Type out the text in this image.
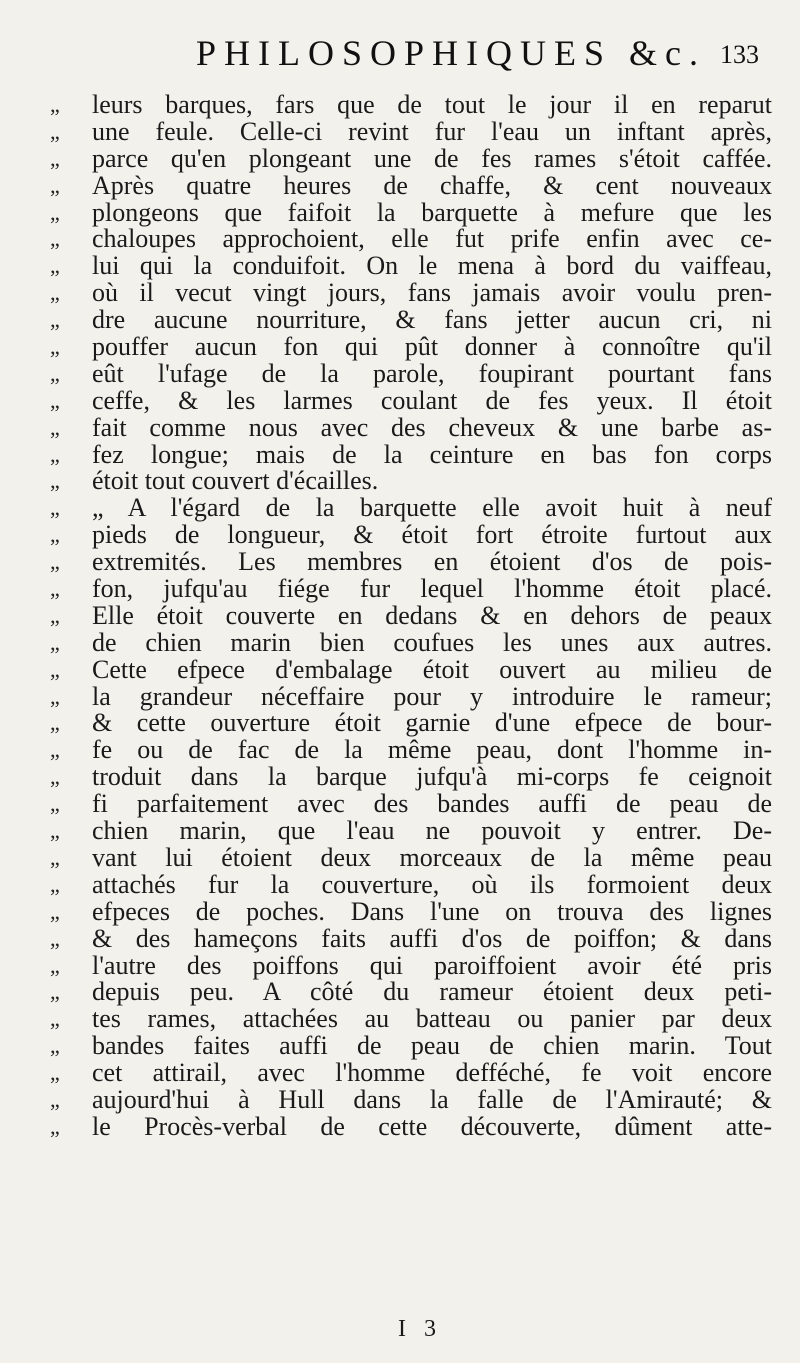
PHILOSOPHIQUES &c. 133
„	leurs barques, fars que de tout le jour il en reparut
„	une feule. Celle-ci revint fur l'eau un inftant après,
„	parce qu'en plongeant une de fes rames s'étoit caffée.
„	Après quatre heures de chaffe, & cent nouveaux
„	plongeons que faifoit la barquette à mefure que les
„	chaloupes approchoient, elle fut prife enfin avec ce-
„	lui qui la conduifoit. On le mena à bord du vaiffeau,
„	où il vecut vingt jours, fans jamais avoir voulu pren-
„	dre aucune nourriture, & fans jetter aucun cri, ni
„	pouffer aucun fon qui pût donner à connoître qu'il
„	eût l'ufage de la parole, foupirant pourtant fans
„	ceffe, & les larmes coulant de fes yeux. Il étoit
„	fait comme nous avec des cheveux & une barbe as-
„	fez longue; mais de la ceinture en bas fon corps
„	étoit tout couvert d'écailles.
„	„ A l'égard de la barquette elle avoit huit à neuf
„	pieds de longueur, & étoit fort étroite furtout aux
„	extremités. Les membres en étoient d'os de pois-
„	fon, jufqu'au fiége fur lequel l'homme étoit placé.
„	Elle étoit couverte en dedans & en dehors de peaux
„	de chien marin bien coufues les unes aux autres.
„	Cette efpece d'embalage étoit ouvert au milieu de
„	la grandeur néceffaire pour y introduire le rameur;
„	& cette ouverture étoit garnie d'une efpece de bour-
„	fe ou de fac de la même peau, dont l'homme in-
„	troduit dans la barque jufqu'à mi-corps fe ceignoit
„	fi parfaitement avec des bandes auffi de peau de
„	chien marin, que l'eau ne pouvoit y entrer. De-
„	vant lui étoient deux morceaux de la même peau
„	attachés fur la couverture, où ils formoient deux
„	efpeces de poches. Dans l'une on trouva des lignes
„	& des hameçons faits auffi d'os de poiffon; & dans
„	l'autre des poiffons qui paroiffoient avoir été pris
„	depuis peu. A côté du rameur étoient deux peti-
„	tes rames, attachées au batteau ou panier par deux
„	bandes faites auffi de peau de chien marin. Tout
„	cet attirail, avec l'homme defféché, fe voit encore
„	aujourd'hui à Hull dans la falle de l'Amirauté; &
„	le Procès-verbal de cette découverte, dûment atte-
I 3
